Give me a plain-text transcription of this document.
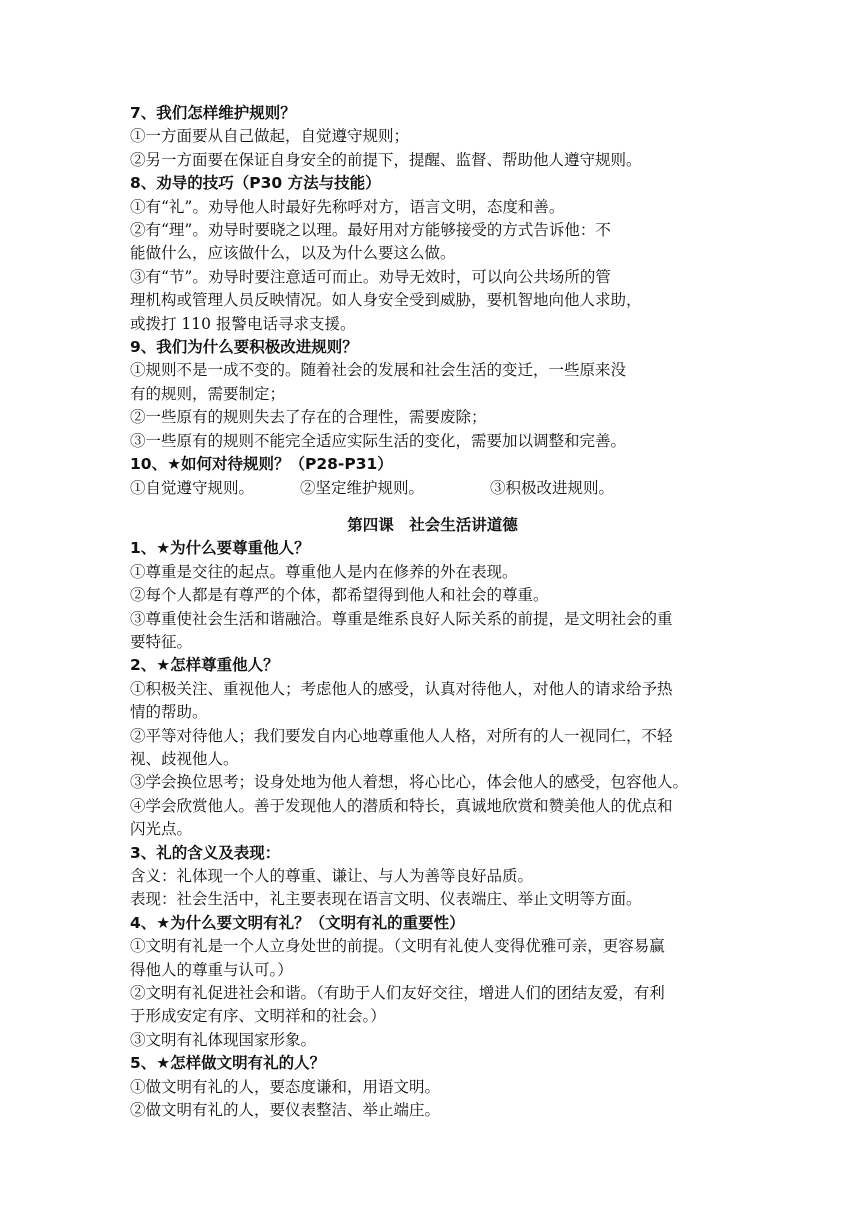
7、我们怎样维护规则？
①一方面要从自己做起，自觉遵守规则；
②另一方面要在保证自身安全的前提下，提醒、监督、帮助他人遵守规则。
8、劝导的技巧（P30 方法与技能）
①有“礼”。劝导他人时最好先称呼对方，语言文明，态度和善。
②有“理”。劝导时要晓之以理。最好用对方能够接受的方式告诉他：不
能做什么，应该做什么，以及为什么要这么做。
③有“节”。劝导时要注意适可而止。劝导无效时，可以向公共场所的管
理机构或管理人员反映情况。如人身安全受到威胁，要机智地向他人求助，
或拨打 110 报警电话寻求支援。
9、我们为什么要积极改进规则？
①规则不是一成不变的。随着社会的发展和社会生活的变迁，一些原来没
有的规则，需要制定；
②一些原有的规则失去了存在的合理性，需要废除；
③一些原有的规则不能完全适应实际生活的变化，需要加以调整和完善。
10、★如何对待规则？（P28-P31）
①自觉遵守规则。	②坚定维护规则。	③积极改进规则。
第四课　社会生活讲道德
1、★为什么要尊重他人？
①尊重是交往的起点。尊重他人是内在修养的外在表现。
②每个人都是有尊严的个体，都希望得到他人和社会的尊重。
③尊重使社会生活和谐融洽。尊重是维系良好人际关系的前提，是文明社会的重
要特征。
2、★怎样尊重他人？
①积极关注、重视他人；考虑他人的感受，认真对待他人，对他人的请求给予热
情的帮助。
②平等对待他人；我们要发自内心地尊重他人人格，对所有的人一视同仁，不轻
视、歧视他人。
③学会换位思考；设身处地为他人着想，将心比心，体会他人的感受，包容他人。
④学会欣赏他人。善于发现他人的潜质和特长，真诚地欣赏和赞美他人的优点和
闪光点。
3、礼的含义及表现：
含义：礼体现一个人的尊重、谦让、与人为善等良好品质。
表现：社会生活中，礼主要表现在语言文明、仪表端庄、举止文明等方面。
4、★为什么要文明有礼？（文明有礼的重要性）
①文明有礼是一个人立身处世的前提。（文明有礼使人变得优雅可亲，更容易赢
得他人的尊重与认可。）
②文明有礼促进社会和谐。（有助于人们友好交往，增进人们的团结友爱，有利
于形成安定有序、文明祥和的社会。）
③文明有礼体现国家形象。
5、★怎样做文明有礼的人？
①做文明有礼的人，要态度谦和，用语文明。
②做文明有礼的人，要仪表整洁、举止端庄。
